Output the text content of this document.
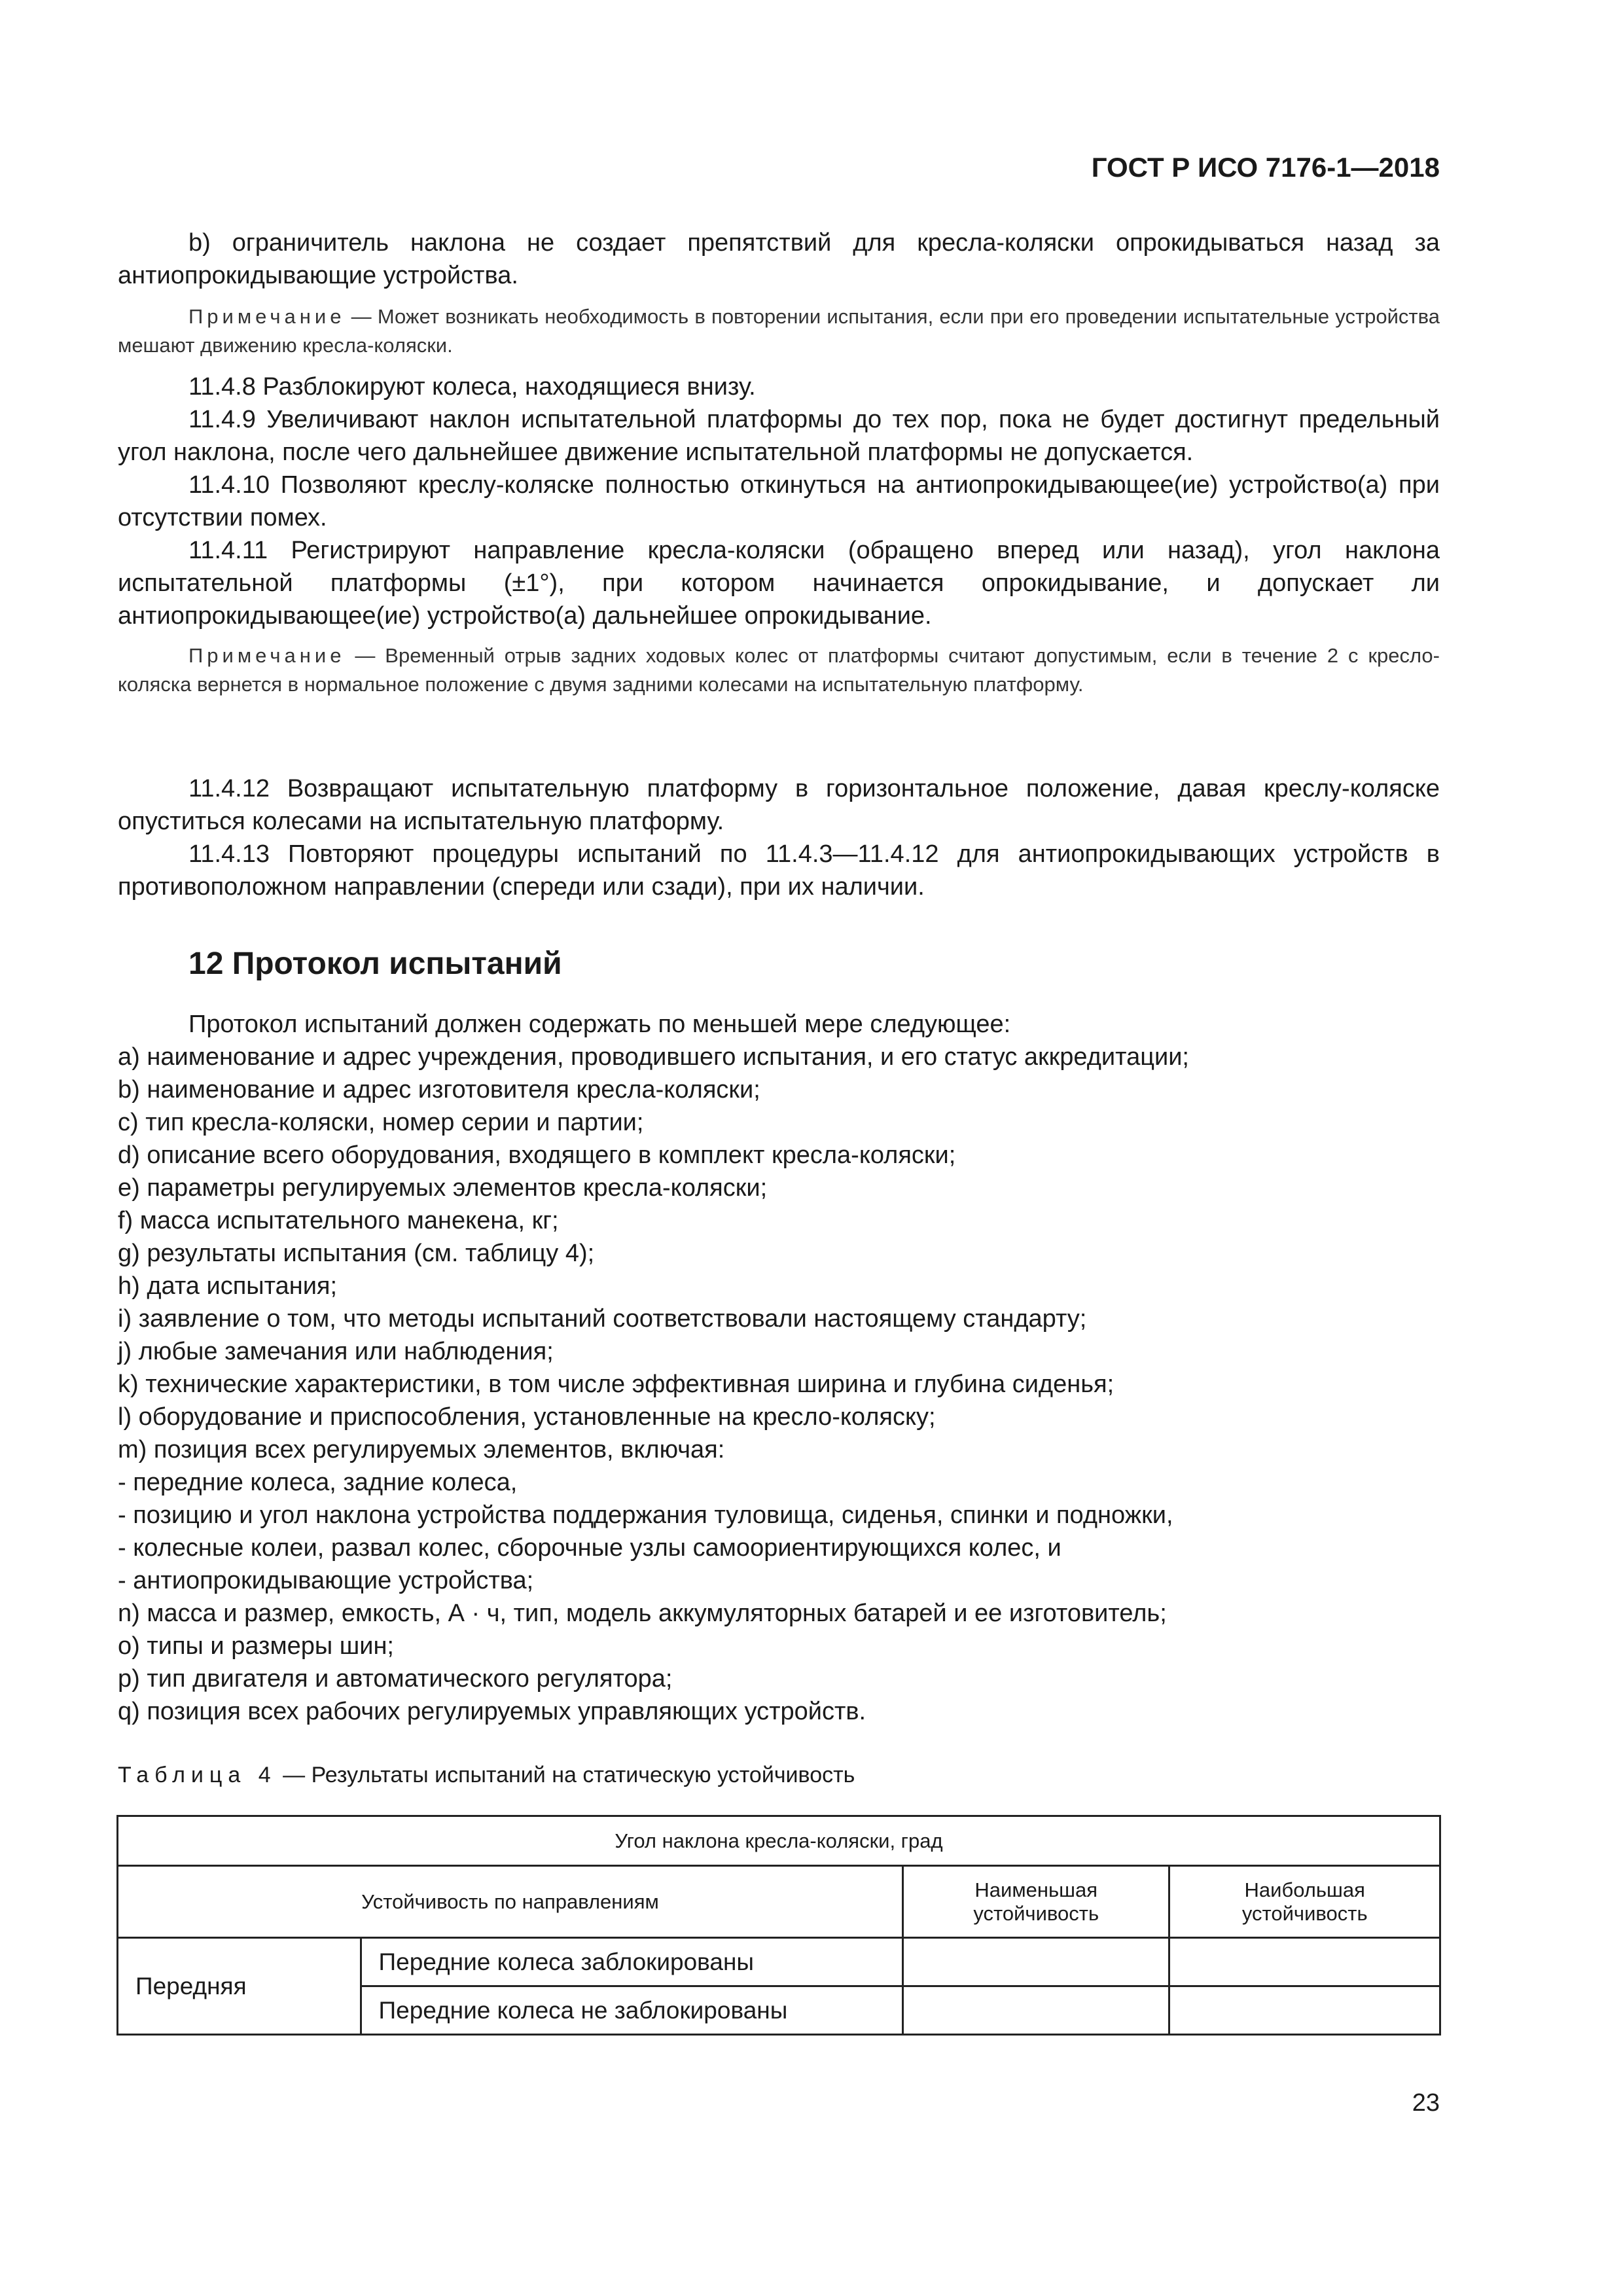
ГОСТ Р ИСО 7176-1—2018
b) ограничитель наклона не создает препятствий для кресла-коляски опрокидываться назад за антиопрокидывающие устройства.
Примечание — Может возникать необходимость в повторении испытания, если при его проведении испытательные устройства мешают движению кресла-коляски.
11.4.8 Разблокируют колеса, находящиеся внизу.
11.4.9 Увеличивают наклон испытательной платформы до тех пор, пока не будет достигнут предельный угол наклона, после чего дальнейшее движение испытательной платформы не допускается.
11.4.10 Позволяют креслу-коляске полностью откинуться на антиопрокидывающее(ие) устройство(а) при отсутствии помех.
11.4.11 Регистрируют направление кресла-коляски (обращено вперед или назад), угол наклона испытательной платформы (±1°), при котором начинается опрокидывание, и допускает ли антиопрокидывающее(ие) устройство(а) дальнейшее опрокидывание.
Примечание — Временный отрыв задних ходовых колес от платформы считают допустимым, если в течение 2 с кресло-коляска вернется в нормальное положение с двумя задними колесами на испытательную платформу.
11.4.12 Возвращают испытательную платформу в горизонтальное положение, давая креслу-коляске опуститься колесами на испытательную платформу.
11.4.13 Повторяют процедуры испытаний по 11.4.3—11.4.12 для антиопрокидывающих устройств в противоположном направлении (спереди или сзади), при их наличии.
12 Протокол испытаний
Протокол испытаний должен содержать по меньшей мере следующее:
a) наименование и адрес учреждения, проводившего испытания, и его статус аккредитации;
b) наименование и адрес изготовителя кресла-коляски;
c) тип кресла-коляски, номер серии и партии;
d) описание всего оборудования, входящего в комплект кресла-коляски;
e) параметры регулируемых элементов кресла-коляски;
f) масса испытательного манекена, кг;
g) результаты испытания (см. таблицу 4);
h) дата испытания;
i) заявление о том, что методы испытаний соответствовали настоящему стандарту;
j) любые замечания или наблюдения;
k) технические характеристики, в том числе эффективная ширина и глубина сиденья;
l) оборудование и приспособления, установленные на кресло-коляску;
m) позиция всех регулируемых элементов, включая:
- передние колеса, задние колеса,
- позицию и угол наклона устройства поддержания туловища, сиденья, спинки и подножки,
- колесные колеи, развал колес, сборочные узлы самоориентирующихся колес, и
- антиопрокидывающие устройства;
n) масса и размер, емкость, А · ч, тип, модель аккумуляторных батарей и ее изготовитель;
o) типы и размеры шин;
p) тип двигателя и автоматического регулятора;
q) позиция всех рабочих регулируемых управляющих устройств.
Таблица 4 — Результаты испытаний на статическую устойчивость
Угол наклона кресла-коляски, град			
Устойчивость по направлениям		Наименьшая устойчивость	Наибольшая устойчивость
Передняя	Передние колеса заблокированы		
	Передние колеса не заблокированы		
23
